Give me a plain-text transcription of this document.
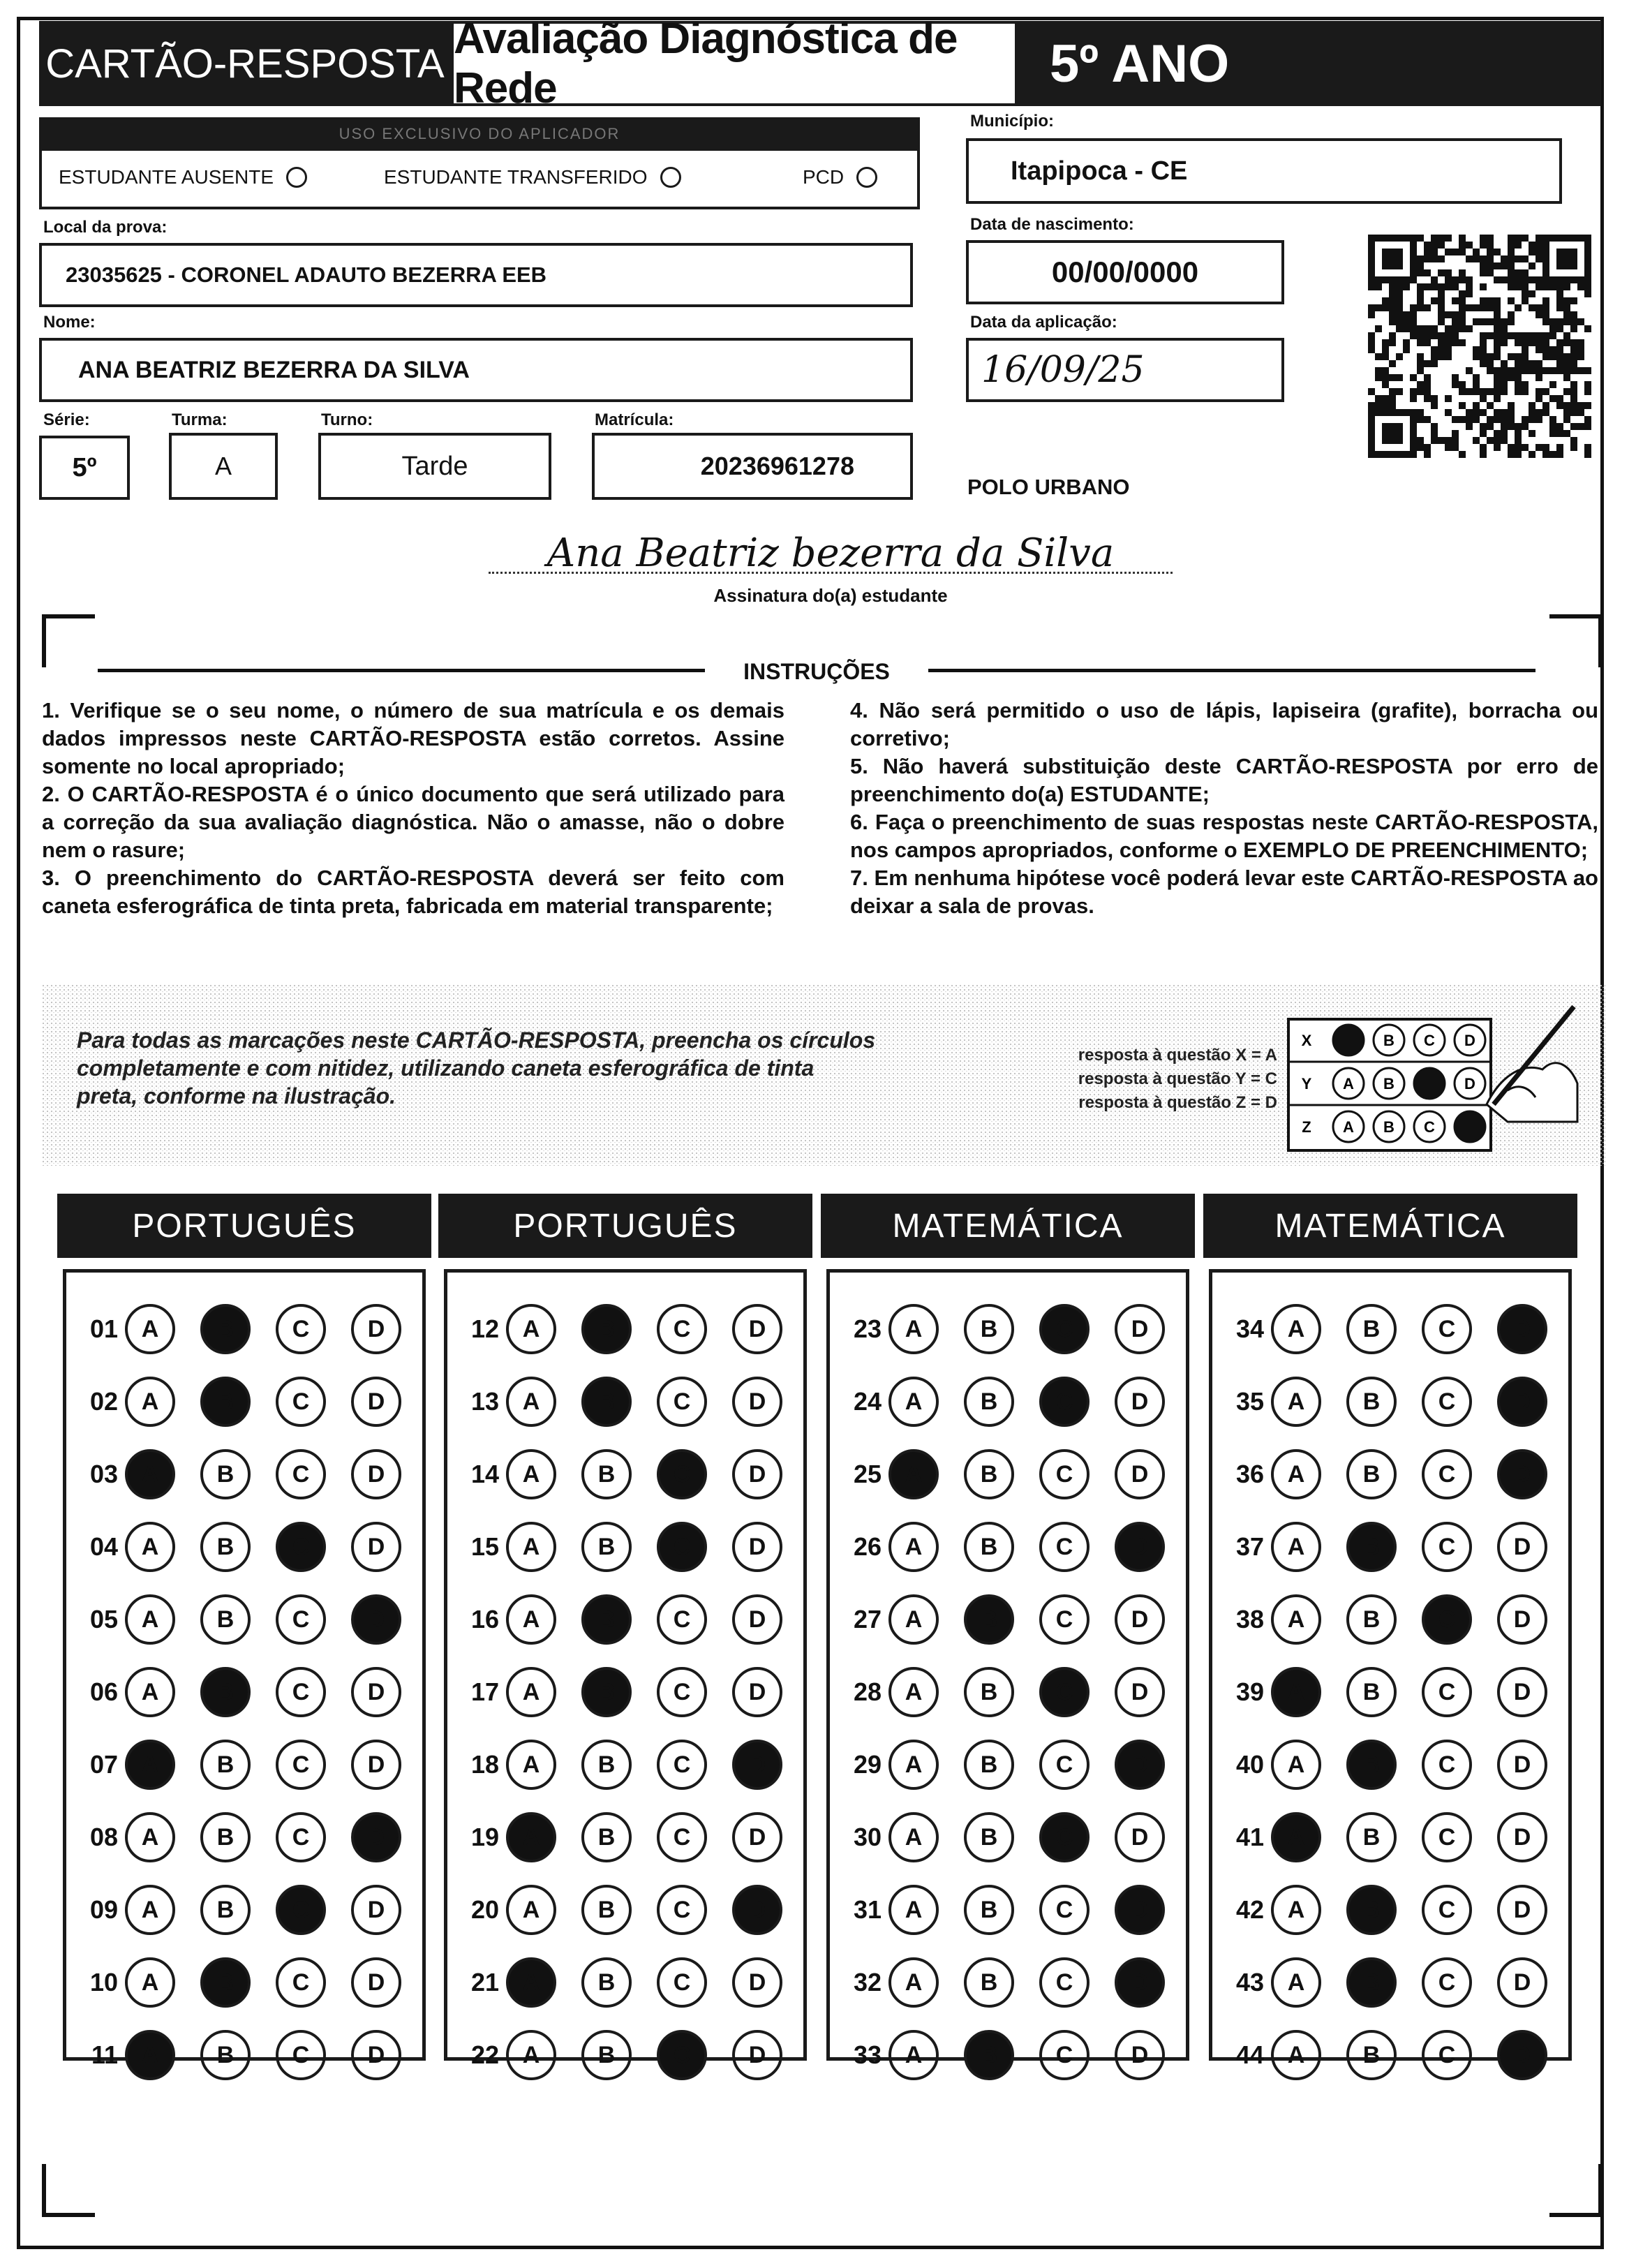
CARTÃO-RESPOSTA
Avaliação Diagnóstica de Rede	5º ANO
USO EXCLUSIVO DO APLICADOR
ESTUDANTE AUSENTE	ESTUDANTE TRANSFERIDO	PCD
Município:
Itapipoca - CE
Local da prova:
23035625 - CORONEL ADAUTO BEZERRA EEB
Data de nascimento:
00/00/0000
Data da aplicação:
16/09/25
Nome:
ANA BEATRIZ BEZERRA DA SILVA
Série:
5º
Turma:
A
Turno:
Tarde
Matrícula:
20236961278
POLO URBANO
Ana Beatriz bezerra da Silva
Assinatura do(a) estudante
INSTRUÇÕES
1. Verifique se o seu nome, o número de sua matrícula e os demais dados impressos neste CARTÃO-RESPOSTA estão corretos. Assine somente no local apropriado;
2. O CARTÃO-RESPOSTA é o único documento que será utilizado para a correção da sua avaliação diagnóstica. Não o amasse, não o dobre nem o rasure;
3. O preenchimento do CARTÃO-RESPOSTA deverá ser feito com caneta esferográfica de tinta preta, fabricada em material transparente;
4. Não será permitido o uso de lápis, lapiseira (grafite), borracha ou corretivo;
5. Não haverá substituição deste CARTÃO-RESPOSTA por erro de preenchimento do(a) ESTUDANTE;
6. Faça o preenchimento de suas respostas neste CARTÃO-RESPOSTA, nos campos apropriados, conforme o EXEMPLO DE PREENCHIMENTO;
7. Em nenhuma hipótese você poderá levar este CARTÃO-RESPOSTA ao deixar a sala de provas.
Para todas as marcações neste CARTÃO-RESPOSTA, preencha os círculos completamente e com nitidez, utilizando caneta esferográfica de tinta preta, conforme na ilustração.
resposta à questão X = A
resposta à questão Y = C
resposta à questão Z = D
X	B C D
Y A B	D
Z A B C
PORTUGUÊS
01 A	B	C	D
02 A	B	C	D
03 A	B	C	D
04 A	B	C	D
05 A	B	C	D
06 A	B	C	D
07 A	B	C	D
08 A	B	C	D
09 A	B	C	D
10 A	B	C	D
11 A	B	C	D
PORTUGUÊS
12 A	B	C	D
13 A	B	C	D
14 A	B	C	D
15 A	B	C	D
16 A	B	C	D
17 A	B	C	D
18 A	B	C	D
19 A	B	C	D
20 A	B	C	D
21 A	B	C	D
22 A	B	C	D
MATEMÁTICA
23 A	B	C	D
24 A	B	C	D
25 A	B	C	D
26 A	B	C	D
27 A	B	C	D
28 A	B	C	D
29 A	B	C	D
30 A	B	C	D
31 A	B	C	D
32 A	B	C	D
33 A	B	C	D
MATEMÁTICA
34 A	B	C	D
35 A	B	C	D
36 A	B	C	D
37 A	B	C	D
38 A	B	C	D
39 A	B	C	D
40 A	B	C	D
41 A	B	C	D
42 A	B	C	D
43 A	B	C	D
44 A	B	C	D
